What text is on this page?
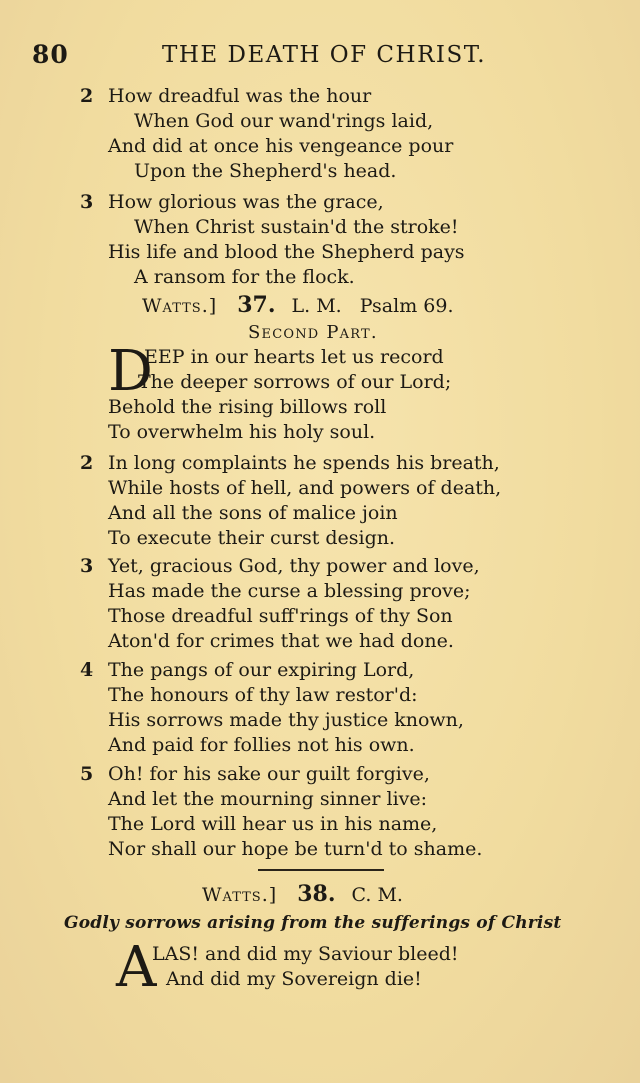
80	THE DEATH OF CHRIST.
2 How dreadful was the hour
When God our wand'rings laid,
And did at once his vengeance pour
Upon the Shepherd's head.
3 How glorious was the grace,
When Christ sustain'd the stroke!
His life and blood the Shepherd pays
A ransom for the flock.
Watts.] 37. L. M. Psalm 69.
Second Part.
D
EEP in our hearts let us record
The deeper sorrows of our Lord;
Behold the rising billows roll
To overwhelm his holy soul.
2 In long complaints he spends his breath,
While hosts of hell, and powers of death,
And all the sons of malice join
To execute their curst design.
3 Yet, gracious God, thy power and love,
Has made the curse a blessing prove;
Those dreadful suff'rings of thy Son
Aton'd for crimes that we had done.
4 The pangs of our expiring Lord,
The honours of thy law restor'd:
His sorrows made thy justice known,
And paid for follies not his own.
5 Oh! for his sake our guilt forgive,
And let the mourning sinner live:
The Lord will hear us in his name,
Nor shall our hope be turn'd to shame.
Watts.] 38. C. M.
Godly sorrows arising from the sufferings of Christ
A
LAS! and did my Saviour bleed!
And did my Sovereign die!
